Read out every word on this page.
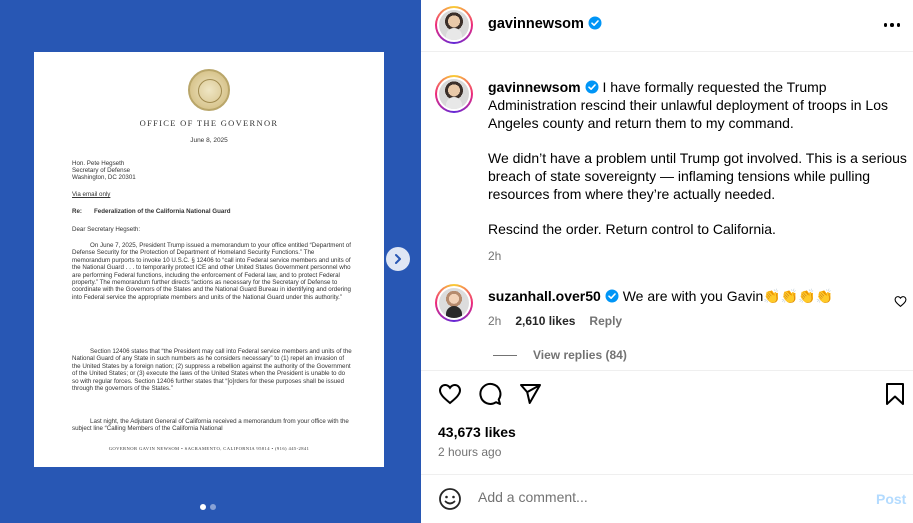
OFFICE OF THE GOVERNOR
June 8, 2025
Hon. Pete Hegseth
Secretary of Defense
Washington, DC 20301
Via email only
Re: Federalization of the California National Guard
Dear Secretary Hegseth:
On June 7, 2025, President Trump issued a memorandum to your office entitled “Department of Defense Security for the Protection of Department of Homeland Security Functions.” The memorandum purports to invoke 10 U.S.C. § 12406 to “call into Federal service members and units of the National Guard . . . to temporarily protect ICE and other United States Government personnel who are performing Federal functions, including the enforcement of Federal law, and to protect Federal property.” The memorandum further directs “actions as necessary for the Secretary of Defense to coordinate with the Governors of the States and the National Guard Bureau in identifying and ordering into Federal service the appropriate members and units of the National Guard under this authority.”
Section 12406 states that “the President may call into Federal service members and units of the National Guard of any State in such numbers as he considers necessary” to (1) repel an invasion of the United States by a foreign nation; (2) suppress a rebellion against the authority of the Government of the United States; or (3) execute the laws of the United States when the President is unable to do so with regular forces. Section 12406 further states that “[o]rders for these purposes shall be issued through the governors of the States.”
Last night, the Adjutant General of California received a memorandum from your office with the subject line “Calling Members of the California National
GOVERNOR GAVIN NEWSOM • SACRAMENTO, CALIFORNIA 95814 • (916) 445-2841
gavinnewsom

gavinnewsom I have formally requested the Trump Administration rescind their unlawful deployment of troops in Los Angeles county and return them to my command.

We didn’t have a problem until Trump got involved. This is a serious breach of state sovereignty — inflaming tensions while pulling resources from where they’re actually needed.

Rescind the order. Return control to California.

2h
suzanhall.over50 We are with you Gavin👏👏👏👏
2h 2,610 likes Reply
View replies (84)
43,673 likes
2 hours ago
Add a comment...
Post
